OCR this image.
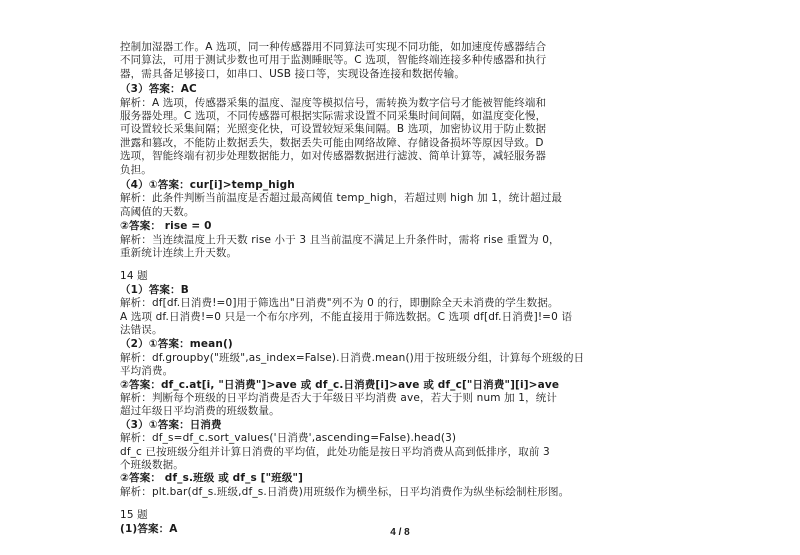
控制加湿器工作。A 选项，同一种传感器用不同算法可实现不同功能，如加速度传感器结合
不同算法，可用于测试步数也可用于监测睡眠等。C 选项，智能终端连接多种传感器和执行
器，需具备足够接口，如串口、USB 接口等，实现设备连接和数据传输。
（3）答案：AC
解析：A 选项，传感器采集的温度、湿度等模拟信号，需转换为数字信号才能被智能终端和
服务器处理。C 选项，不同传感器可根据实际需求设置不同采集时间间隔，如温度变化慢，
可设置较长采集间隔；光照变化快，可设置较短采集间隔。B 选项，加密协议用于防止数据
泄露和篡改，不能防止数据丢失，数据丢失可能由网络故障、存储设备损坏等原因导致。D
选项，智能终端有初步处理数据能力，如对传感器数据进行滤波、简单计算等，减轻服务器
负担。
（4）①答案：cur[i]>temp_high
解析：此条件判断当前温度是否超过最高阈值 temp_high，若超过则 high 加 1，统计超过最
高阈值的天数。
②答案： rise = 0
解析：当连续温度上升天数 rise 小于 3 且当前温度不满足上升条件时，需将 rise 重置为 0，
重新统计连续上升天数。
14 题
（1）答案：B
解析：df[df.日消费!=0]用于筛选出"日消费"列不为 0 的行，即删除全天未消费的学生数据。
A 选项 df.日消费!=0 只是一个布尔序列，不能直接用于筛选数据。C 选项 df[df.日消费]!=0 语
法错误。
（2）①答案：mean()
解析：df.groupby("班级",as_index=False).日消费.mean()用于按班级分组，计算每个班级的日
平均消费。
②答案：df_c.at[i, "日消费"]>ave 或 df_c.日消费[i]>ave 或 df_c["日消费"][i]>ave
解析：判断每个班级的日平均消费是否大于年级日平均消费 ave，若大于则 num 加 1，统计
超过年级日平均消费的班级数量。
（3）①答案：日消费
解析：df_s=df_c.sort_values('日消费',ascending=False).head(3)
df_c 已按班级分组并计算日消费的平均值，此处功能是按日平均消费从高到低排序，取前 3
个班级数据。
②答案： df_s.班级 或 df_s ["班级"]
解析：plt.bar(df_s.班级,df_s.日消费)用班级作为横坐标，日平均消费作为纵坐标绘制柱形图。
4 / 8
15 题
(1)答案：A
